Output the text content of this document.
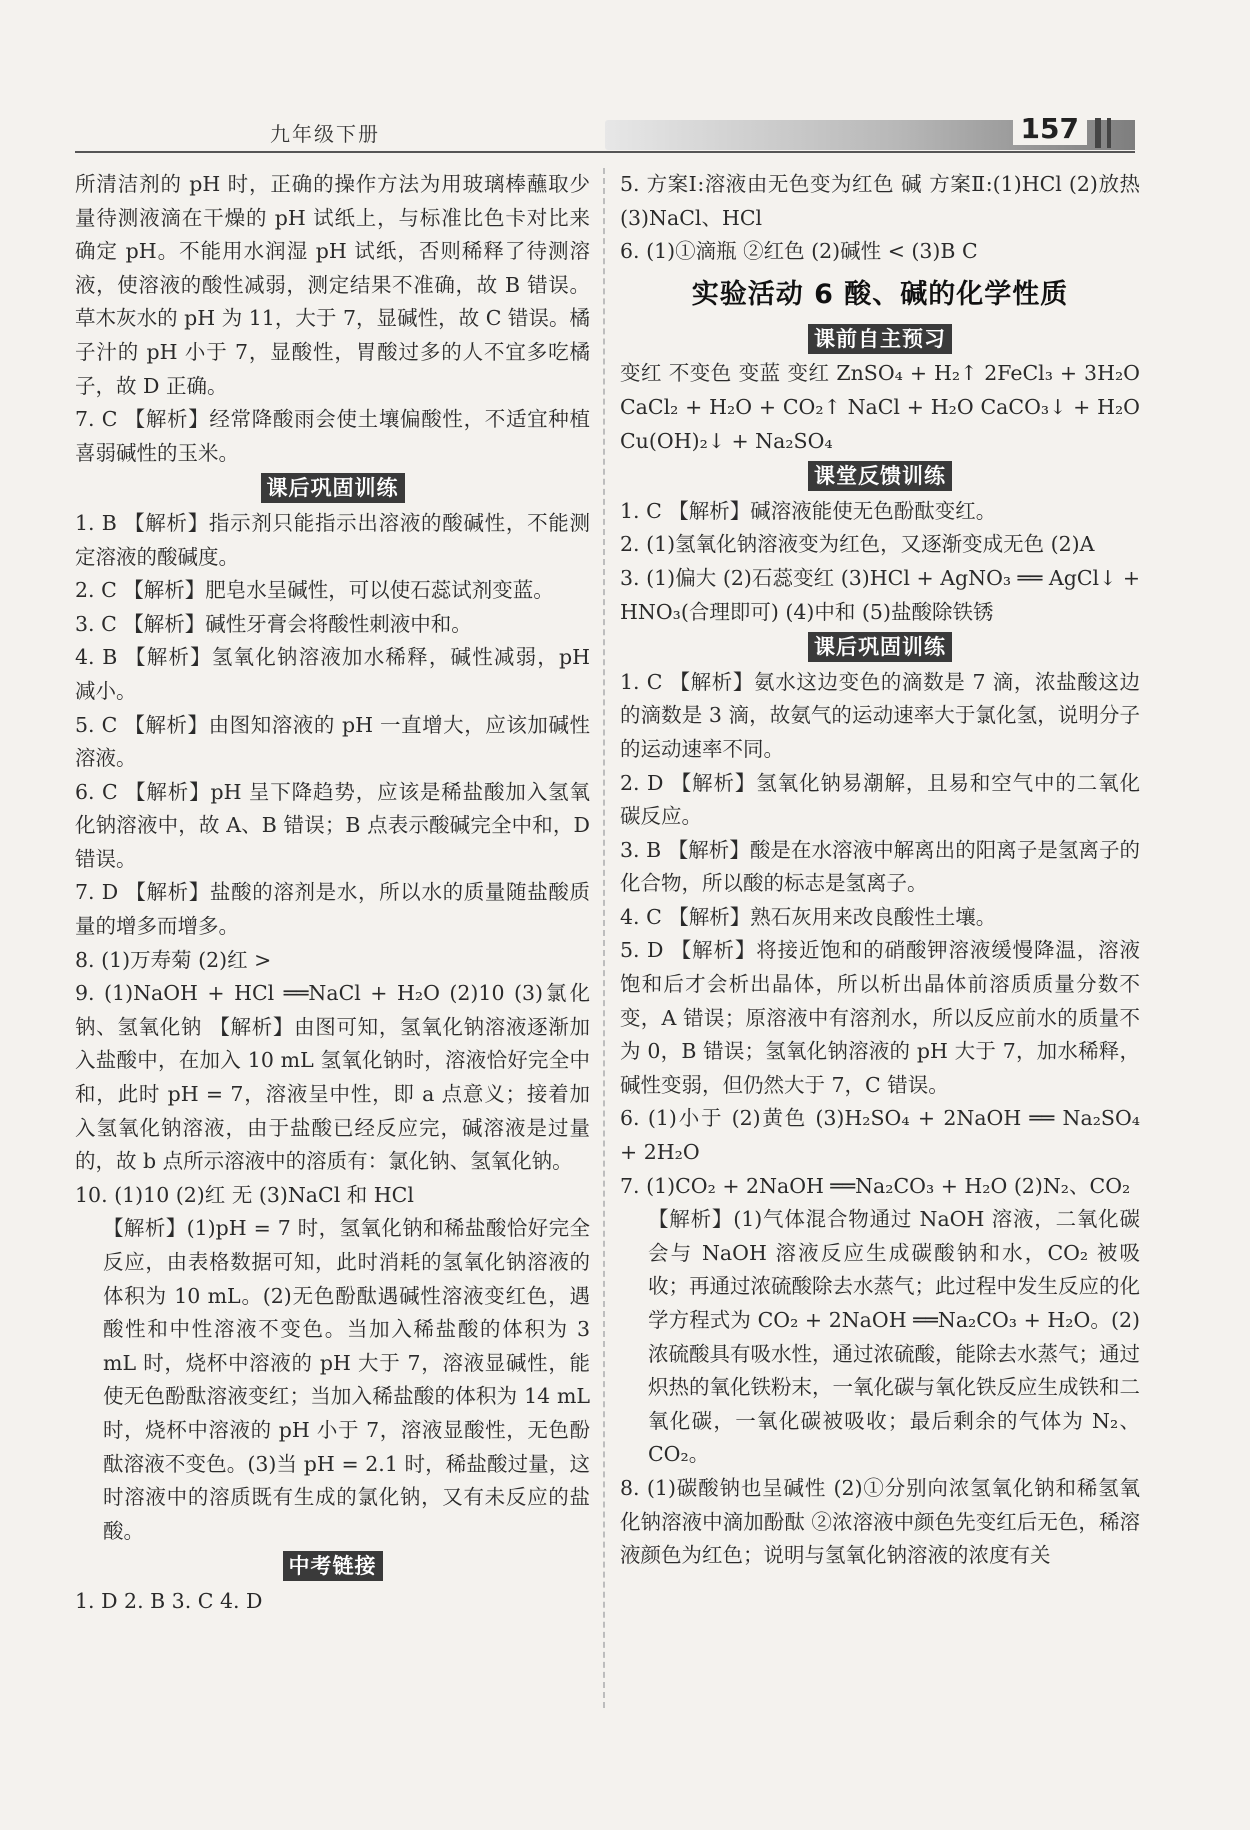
九年级下册	157

所清洁剂的 pH 时，正确的操作方法为用玻璃棒蘸取少量待测液滴在干燥的 pH 试纸上，与标准比色卡对比来确定 pH。不能用水润湿 pH 试纸，否则稀释了待测溶液，使溶液的酸性减弱，测定结果不准确，故 B 错误。草木灰水的 pH 为 11，大于 7，显碱性，故 C 错误。橘子汁的 pH 小于 7，显酸性，胃酸过多的人不宜多吃橘子，故 D 正确。

7. C 【解析】经常降酸雨会使土壤偏酸性，不适宜种植喜弱碱性的玉米。

课后巩固训练

1. B 【解析】指示剂只能指示出溶液的酸碱性，不能测定溶液的酸碱度。

2. C 【解析】肥皂水呈碱性，可以使石蕊试剂变蓝。

3. C 【解析】碱性牙膏会将酸性刺液中和。

4. B 【解析】氢氧化钠溶液加水稀释，碱性减弱，pH 减小。

5. C 【解析】由图知溶液的 pH 一直增大，应该加碱性溶液。

6. C 【解析】pH 呈下降趋势，应该是稀盐酸加入氢氧化钠溶液中，故 A、B 错误；B 点表示酸碱完全中和，D 错误。

7. D 【解析】盐酸的溶剂是水，所以水的质量随盐酸质量的增多而增多。

8. (1)万寿菊 (2)红 >

9. (1)NaOH + HCl ══NaCl + H₂O (2)10 (3)氯化钠、氢氧化钠 【解析】由图可知，氢氧化钠溶液逐渐加入盐酸中，在加入 10 mL 氢氧化钠时，溶液恰好完全中和，此时 pH = 7，溶液呈中性，即 a 点意义；接着加入氢氧化钠溶液，由于盐酸已经反应完，碱溶液是过量的，故 b 点所示溶液中的溶质有：氯化钠、氢氧化钠。

10. (1)10 (2)红 无 (3)NaCl 和 HCl

【解析】(1)pH = 7 时，氢氧化钠和稀盐酸恰好完全反应，由表格数据可知，此时消耗的氢氧化钠溶液的体积为 10 mL。(2)无色酚酞遇碱性溶液变红色，遇酸性和中性溶液不变色。当加入稀盐酸的体积为 3 mL 时，烧杯中溶液的 pH 大于 7，溶液显碱性，能使无色酚酞溶液变红；当加入稀盐酸的体积为 14 mL 时，烧杯中溶液的 pH 小于 7，溶液显酸性，无色酚酞溶液不变色。(3)当 pH = 2.1 时，稀盐酸过量，这时溶液中的溶质既有生成的氯化钠，又有未反应的盐酸。

中考链接

1. D 2. B 3. C 4. D

5. 方案Ⅰ:溶液由无色变为红色 碱 方案Ⅱ:(1)HCl (2)放热 (3)NaCl、HCl

6. (1)①滴瓶 ②红色 (2)碱性 < (3)B C

实验活动 6 酸、碱的化学性质
课前自主预习

变红 不变色 变蓝 变红 ZnSO₄ + H₂↑ 2FeCl₃ + 3H₂O CaCl₂ + H₂O + CO₂↑ NaCl + H₂O CaCO₃↓ + H₂O Cu(OH)₂↓ + Na₂SO₄

课堂反馈训练

1. C 【解析】碱溶液能使无色酚酞变红。

2. (1)氢氧化钠溶液变为红色，又逐渐变成无色 (2)A

3. (1)偏大 (2)石蕊变红 (3)HCl + AgNO₃ ══ AgCl↓ + HNO₃(合理即可) (4)中和 (5)盐酸除铁锈

课后巩固训练

1. C 【解析】氨水这边变色的滴数是 7 滴，浓盐酸这边的滴数是 3 滴，故氨气的运动速率大于氯化氢，说明分子的运动速率不同。

2. D 【解析】氢氧化钠易潮解，且易和空气中的二氧化碳反应。

3. B 【解析】酸是在水溶液中解离出的阳离子是氢离子的化合物，所以酸的标志是氢离子。

4. C 【解析】熟石灰用来改良酸性土壤。

5. D 【解析】将接近饱和的硝酸钾溶液缓慢降温，溶液饱和后才会析出晶体，所以析出晶体前溶质质量分数不变，A 错误；原溶液中有溶剂水，所以反应前水的质量不为 0，B 错误；氢氧化钠溶液的 pH 大于 7，加水稀释，碱性变弱，但仍然大于 7，C 错误。

6. (1)小于 (2)黄色 (3)H₂SO₄ + 2NaOH ══ Na₂SO₄ + 2H₂O

7. (1)CO₂ + 2NaOH ══Na₂CO₃ + H₂O (2)N₂、CO₂

【解析】(1)气体混合物通过 NaOH 溶液，二氧化碳会与 NaOH 溶液反应生成碳酸钠和水，CO₂ 被吸收；再通过浓硫酸除去水蒸气；此过程中发生反应的化学方程式为 CO₂ + 2NaOH ══Na₂CO₃ + H₂O。(2)浓硫酸具有吸水性，通过浓硫酸，能除去水蒸气；通过炽热的氧化铁粉末，一氧化碳与氧化铁反应生成铁和二氧化碳，一氧化碳被吸收；最后剩余的气体为 N₂、CO₂。

8. (1)碳酸钠也呈碱性 (2)①分别向浓氢氧化钠和稀氢氧化钠溶液中滴加酚酞 ②浓溶液中颜色先变红后无色，稀溶液颜色为红色；说明与氢氧化钠溶液的浓度有关
